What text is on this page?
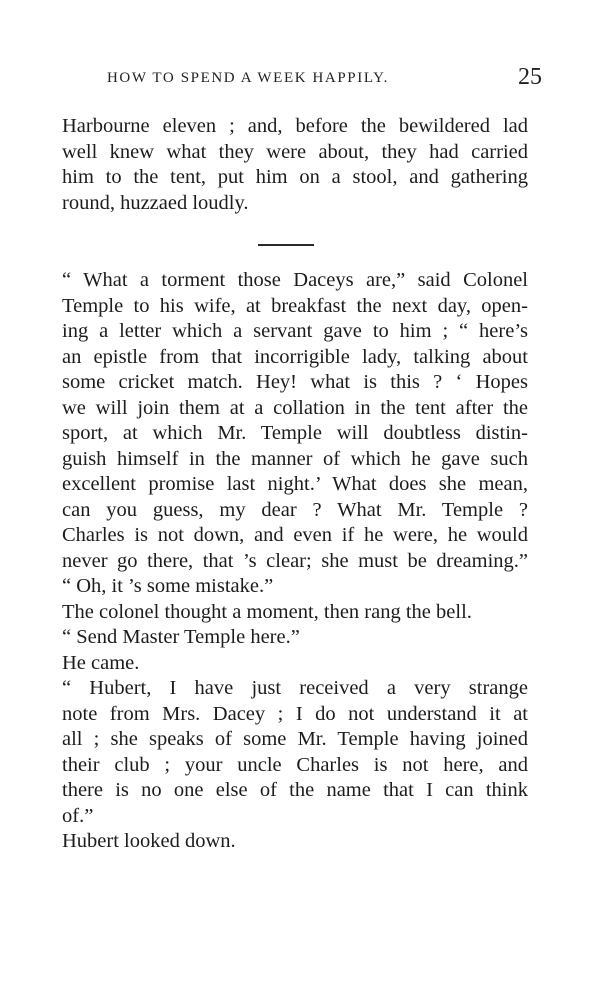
HOW TO SPEND A WEEK HAPPILY.	25
Harbourne eleven ; and, before the bewildered lad
well knew what they were about, they had carried
him to the tent, put him on a stool, and gathering
round, huzzaed loudly.
“ What a torment those Daceys are,” said Colonel
Temple to his wife, at breakfast the next day, open-
ing a letter which a servant gave to him ; “ here’s
an epistle from that incorrigible lady, talking about
some cricket match. Hey! what is this ? ‘ Hopes
we will join them at a collation in the tent after the
sport, at which Mr. Temple will doubtless distin-
guish himself in the manner of which he gave such
excellent promise last night.’ What does she mean,
can you guess, my dear ? What Mr. Temple ?
Charles is not down, and even if he were, he would
never go there, that ’s clear; she must be dreaming.”
“ Oh, it ’s some mistake.”
The colonel thought a moment, then rang the bell.
“ Send Master Temple here.”
He came.
“ Hubert, I have just received a very strange
note from Mrs. Dacey ; I do not understand it at
all ; she speaks of some Mr. Temple having joined
their club ; your uncle Charles is not here, and
there is no one else of the name that I can think
of.”
Hubert looked down.
